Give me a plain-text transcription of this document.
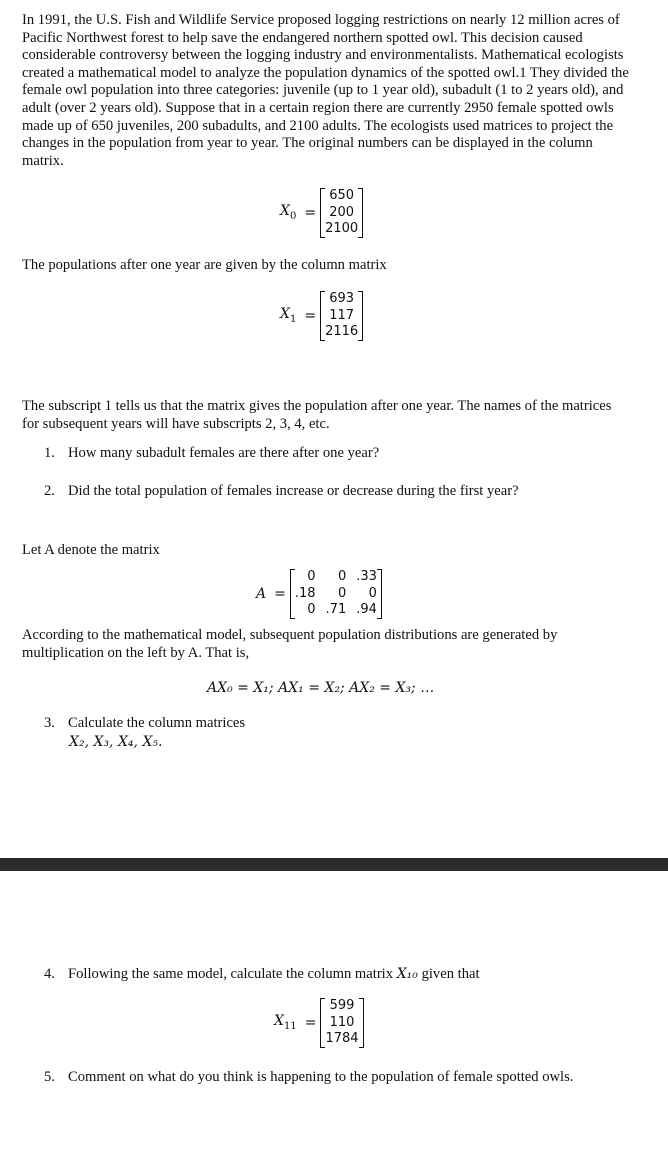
In 1991, the U.S. Fish and Wildlife Service proposed logging restrictions on nearly 12 million acres of Pacific Northwest forest to help save the endangered northern spotted owl. This decision caused considerable controversy between the logging industry and environmentalists. Mathematical ecologists created a mathematical model to analyze the population dynamics of the spotted owl.1 They divided the female owl population into three categories: juvenile (up to 1 year old), subadult (1 to 2 years old), and adult (over 2 years old). Suppose that in a certain region there are currently 2950 female spotted owls made up of 650 juveniles, 200 subadults, and 2100 adults. The ecologists used matrices to project the changes in the population from year to year. The original numbers can be displayed in the column matrix.
$X_0$ =
650
200
2100
The populations after one year are given by the column matrix
$X_1$ =
693
117
2116
The subscript 1 tells us that the matrix gives the population after one year. The names of the matrices for subsequent years will have subscripts 2, 3, 4, etc.
1. How many subadult females are there after one year?
2. Did the total population of females increase or decrease during the first year?
Let A denote the matrix
A =
0	0 .33
.18	0	0
0 .71 .94
According to the mathematical model, subsequent population distributions are generated by multiplication on the left by A. That is,
AX₀ = X₁; AX₁ = X₂; AX₂ = X₃; …
3. Calculate the column matrices
X₂, X₃, X₄, X₅.
4. Following the same model, calculate the column matrix X₁₀ given that
$X_{11}$ =
599
110
1784
5. Comment on what do you think is happening to the population of female spotted owls.
